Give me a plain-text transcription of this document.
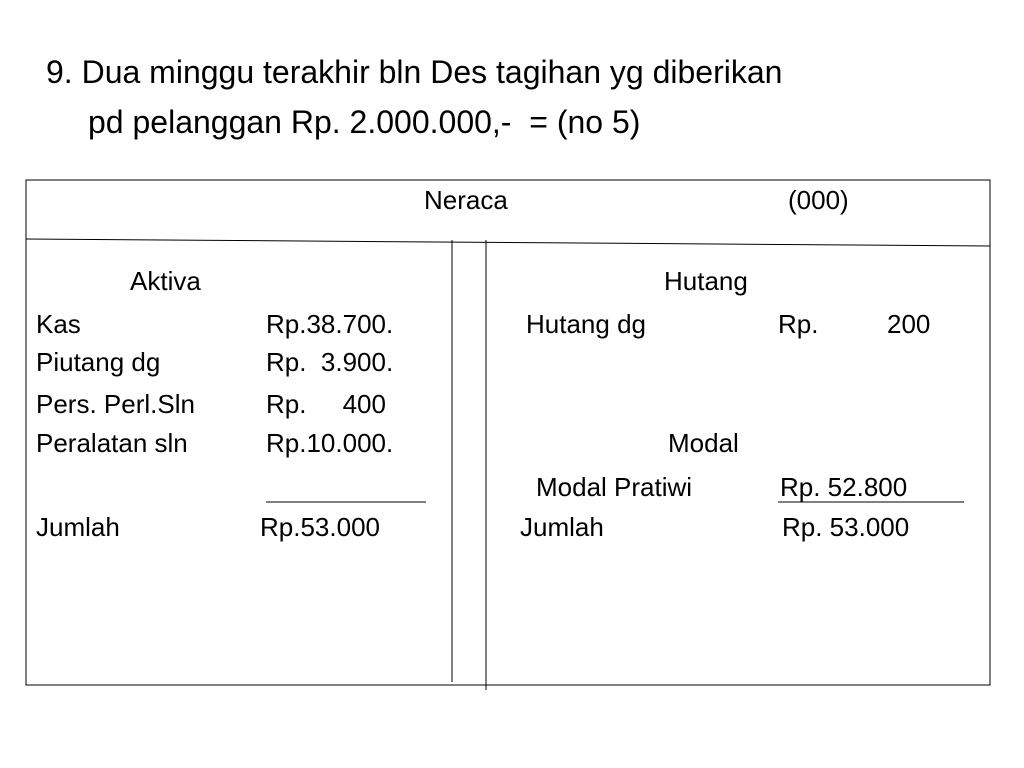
9. Dua minggu terakhir bln Des tagihan yg diberikan
pd pelanggan Rp. 2.000.000,-  = (no 5)
Neraca	(000)
Aktiva
Kas	Rp.38.700.
Piutang dg	Rp.  3.900.
Pers. Perl.Sln	Rp.     400
Peralatan sln	Rp.10.000.
Jumlah	Rp.53.000
Hutang
Hutang dg	Rp.	200
Modal
Modal Pratiwi	Rp. 52.800
Jumlah	Rp. 53.000
